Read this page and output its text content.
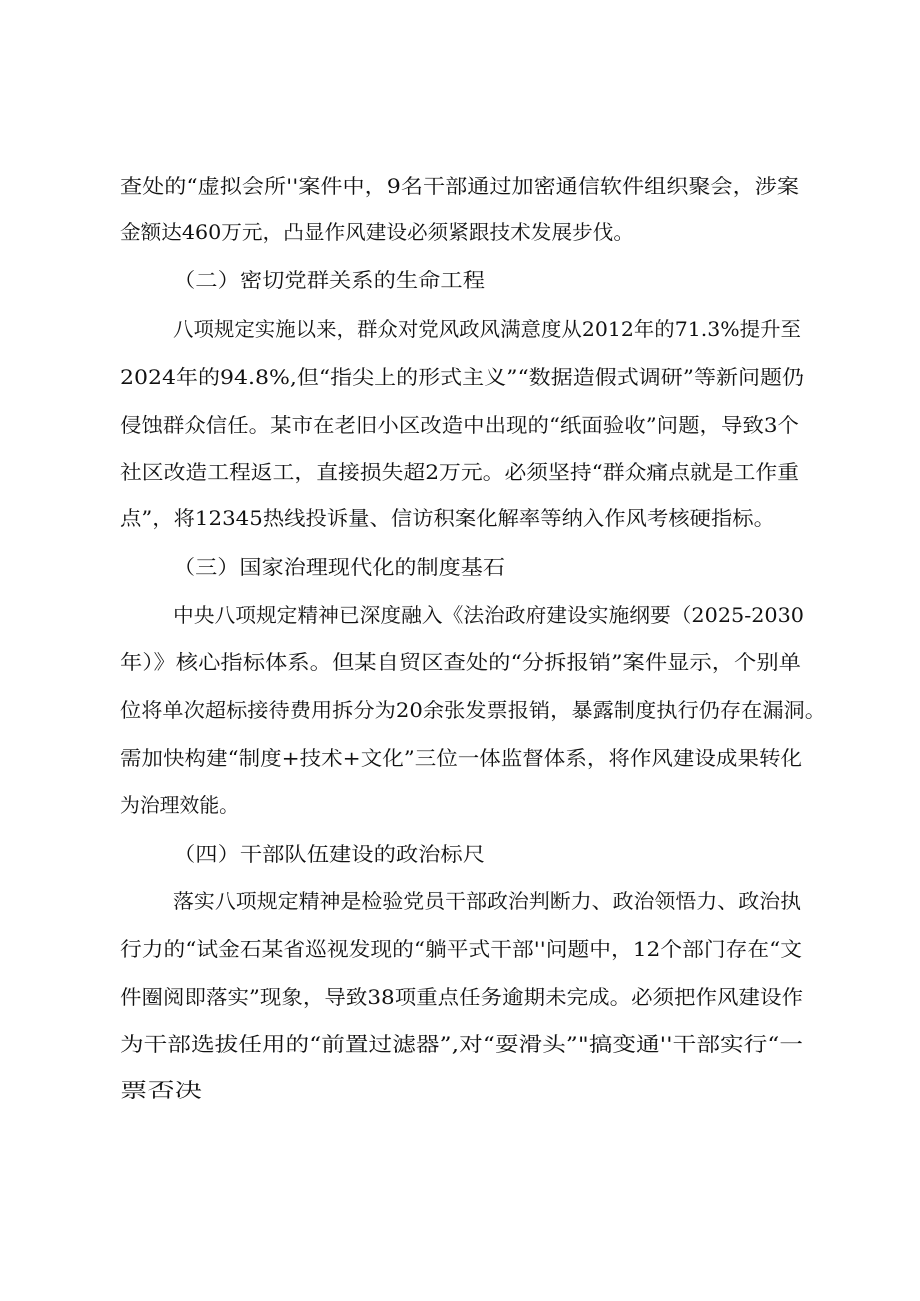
查处的“虚拟会所''案件中，9名干部通过加密通信软件组织聚会，涉案
金额达460万元，凸显作风建设必须紧跟技术发展步伐。
（二）密切党群关系的生命工程
八项规定实施以来，群众对党风政风满意度从2012年的71.3%提升至
2024年的94.8%,但“指尖上的形式主义”“数据造假式调研”等新问题仍
侵蚀群众信任。某市在老旧小区改造中出现的“纸面验收”问题，导致3个
社区改造工程返工，直接损失超2万元。必须坚持“群众痛点就是工作重
点”，将12345热线投诉量、信访积案化解率等纳入作风考核硬指标。
（三）国家治理现代化的制度基石
中央八项规定精神已深度融入《法治政府建设实施纲要（2025-2030
年）》核心指标体系。但某自贸区查处的“分拆报销”案件显示，个别单
位将单次超标接待费用拆分为20余张发票报销，暴露制度执行仍存在漏洞。
需加快构建“制度+技术+文化”三位一体监督体系，将作风建设成果转化
为治理效能。
（四）干部队伍建设的政治标尺
落实八项规定精神是检验党员干部政治判断力、政治领悟力、政治执
行力的“试金石某省巡视发现的“躺平式干部''问题中，12个部门存在“文
件圈阅即落实”现象，导致38项重点任务逾期未完成。必须把作风建设作
为干部选拔任用的“前置过滤器”,对“耍滑头”"搞变通''干部实行“一
票否决
